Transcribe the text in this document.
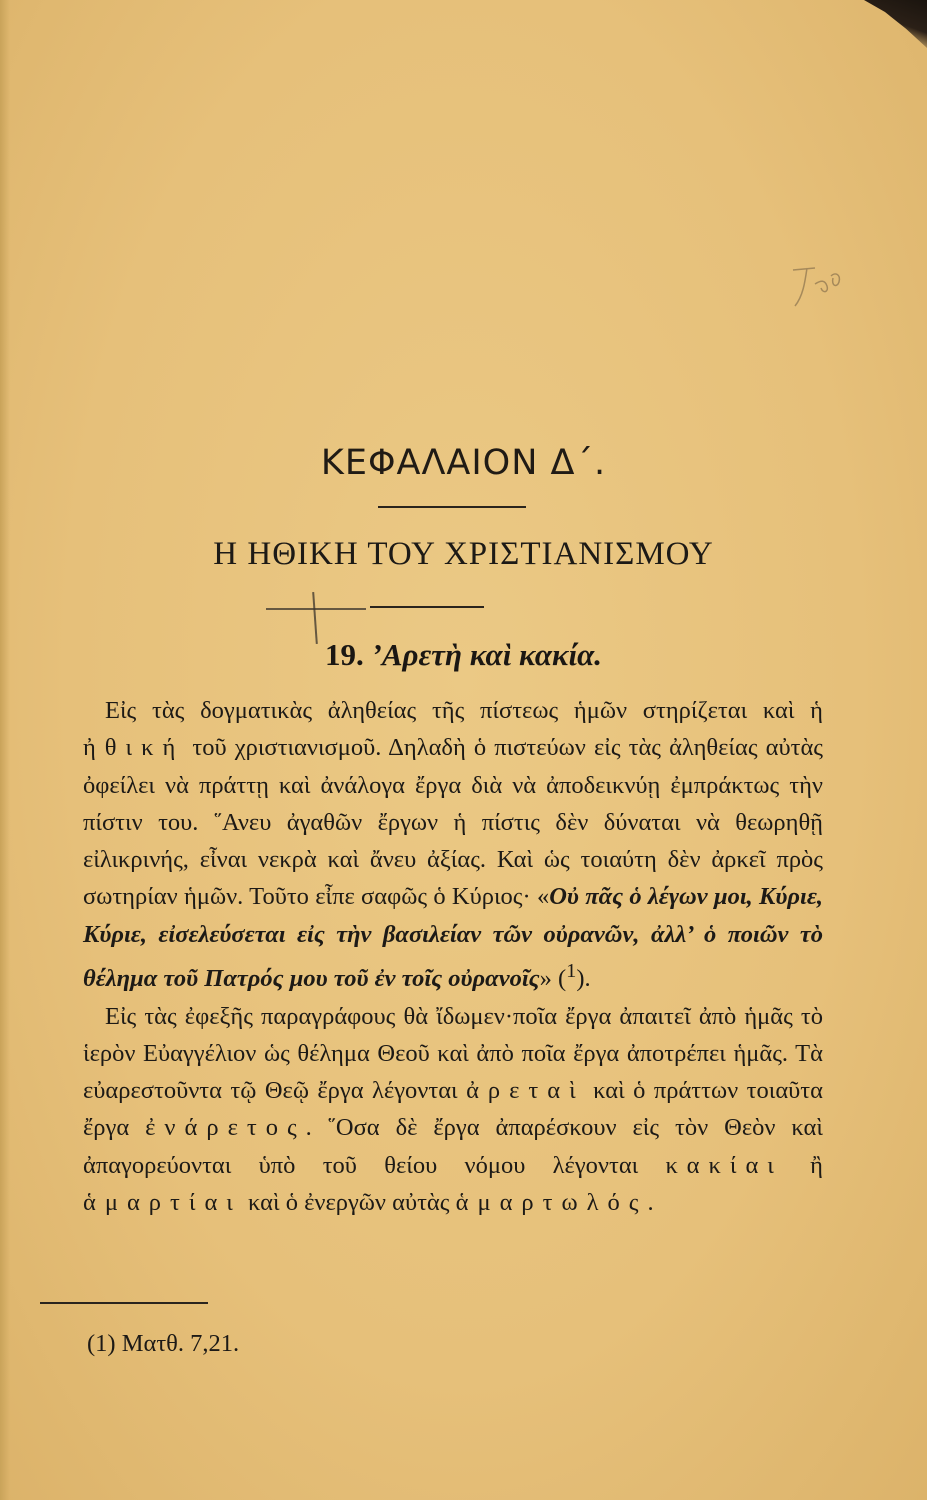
ΚΕΦΑΛΑΙΟΝ Δ΄.
Η ΗΘΙΚΗ ΤΟΥ ΧΡΙΣΤΙΑΝΙΣΜΟΥ
19. ’Αρετὴ καὶ κακία.

Εἰς τὰς δογματικὰς ἀληθείας τῆς πίστεως ἡμῶν στηρίζεται καὶ ἡ ἠθική τοῦ χριστιανισμοῦ. Δηλαδὴ ὁ πιστεύων εἰς τὰς ἀληθείας αὐτὰς ὀφείλει νὰ πράττῃ καὶ ἀνάλογα ἔργα διὰ νὰ ἀποδεικνύῃ ἐμπράκτως τὴν πίστιν του. ῞Ανευ ἀγαθῶν ἔργων ἡ πίστις δὲν δύναται νὰ θεωρηθῇ εἰλικρινής, εἶναι νεκρὰ καὶ ἄνευ ἀξίας. Καὶ ὡς τοιαύτη δὲν ἀρκεῖ πρὸς σωτηρίαν ἡμῶν. Τοῦτο εἶπε σαφῶς ὁ Κύριος· «Οὐ πᾶς ὁ λέγων μοι, Κύριε, Κύριε, εἰσελεύσεται εἰς τὴν βασιλείαν τῶν οὐρανῶν, ἀλλ’ ὁ ποιῶν τὸ θέλημα τοῦ Πατρός μου τοῦ ἐν τοῖς οὐρανοῖς» ($^1$).

Εἰς τὰς ἐφεξῆς παραγράφους θὰ ἴδωμεν·ποῖα ἔργα ἀπαιτεῖ ἀπὸ ἡμᾶς τὸ ἱερὸν Εὐαγγέλιον ὡς θέλημα Θεοῦ καὶ ἀπὸ ποῖα ἔργα ἀποτρέπει ἡμᾶς. Τὰ εὐαρεστοῦντα τῷ Θεῷ ἔργα λέγονται ἀρεταὶ καὶ ὁ πράττων τοιαῦτα ἔργα ἐνάρετος. ῞Οσα δὲ ἔργα ἀπαρέσκουν εἰς τὸν Θεὸν καὶ ἀπαγορεύονται ὑπὸ τοῦ θείου νόμου λέγονται κακίαι ἢ ἁμαρτίαι καὶ ὁ ἐνεργῶν αὐτὰς ἁμαρτωλός.

(1) Ματθ. 7,21.
